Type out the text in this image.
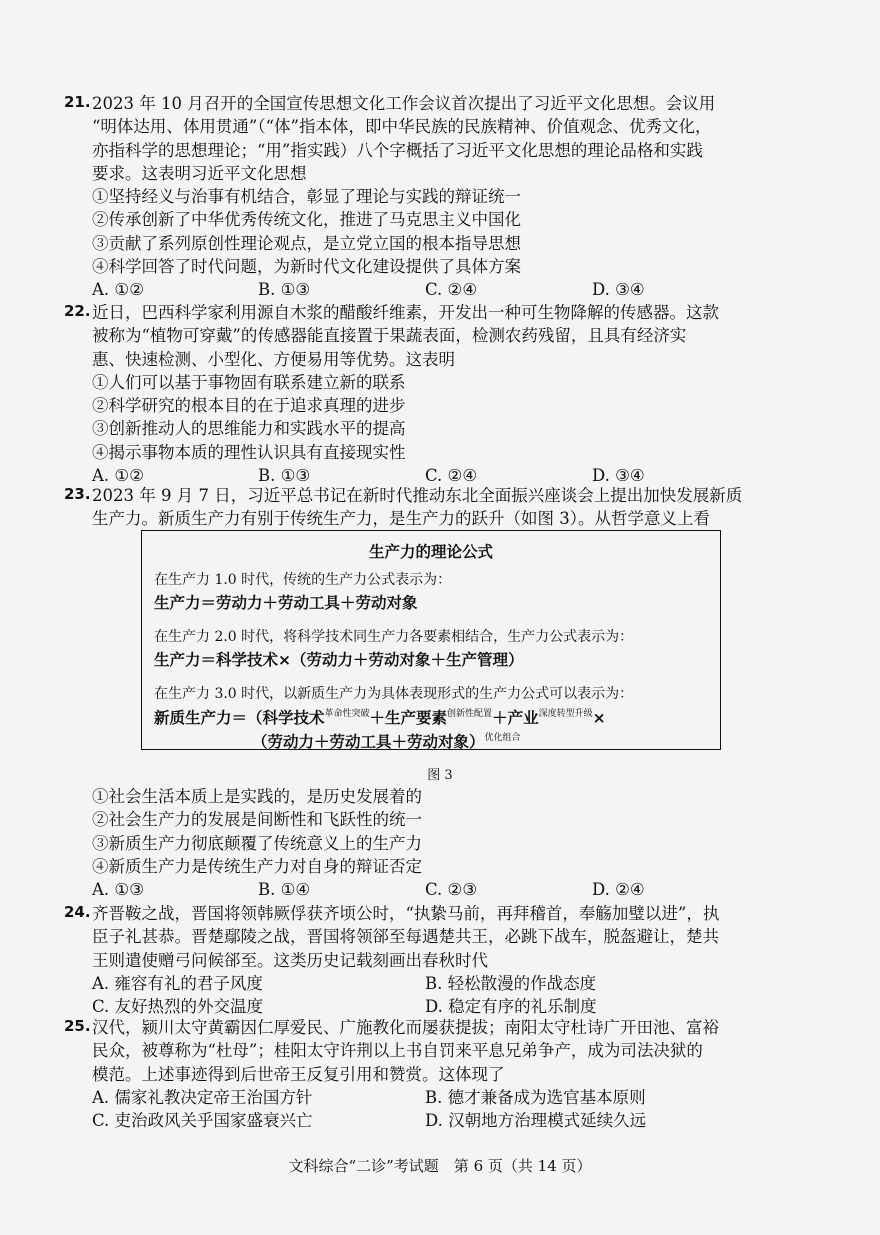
21. 2023 年 10 月召开的全国宣传思想文化工作会议首次提出了习近平文化思想。会议用
“明体达用、体用贯通”（“体”指本体，即中华民族的民族精神、价值观念、优秀文化，
亦指科学的思想理论；“用”指实践）八个字概括了习近平文化思想的理论品格和实践
要求。这表明习近平文化思想
①坚持经义与治事有机结合，彰显了理论与实践的辩证统一
②传承创新了中华优秀传统文化，推进了马克思主义中国化
③贡献了系列原创性理论观点，是立党立国的根本指导思想
④科学回答了时代问题，为新时代文化建设提供了具体方案
A. ①②	B. ①③	C. ②④	D. ③④
22. 近日，巴西科学家利用源自木浆的醋酸纤维素，开发出一种可生物降解的传感器。这款
被称为“植物可穿戴”的传感器能直接置于果蔬表面，检测农药残留，且具有经济实
惠、快速检测、小型化、方便易用等优势。这表明
①人们可以基于事物固有联系建立新的联系
②科学研究的根本目的在于追求真理的进步
③创新推动人的思维能力和实践水平的提高
④揭示事物本质的理性认识具有直接现实性
A. ①②	B. ①③	C. ②④	D. ③④
23. 2023 年 9 月 7 日，习近平总书记在新时代推动东北全面振兴座谈会上提出加快发展新质
生产力。新质生产力有别于传统生产力，是生产力的跃升（如图 3）。从哲学意义上看
生产力的理论公式
在生产力 1.0 时代，传统的生产力公式表示为：
生产力＝劳动力＋劳动工具＋劳动对象
在生产力 2.0 时代，将科学技术同生产力各要素相结合，生产力公式表示为：
生产力＝科学技术×（劳动力＋劳动对象＋生产管理）
在生产力 3.0 时代，以新质生产力为具体表现形式的生产力公式可以表示为：
新质生产力＝（科学技术$^{革命性突破}$＋生产要素$^{创新性配置}$＋产业$^{深度转型升级}$×
（劳动力＋劳动工具＋劳动对象）$^{优化组合}$
图 3
①社会生活本质上是实践的，是历史发展着的
②社会生产力的发展是间断性和飞跃性的统一
③新质生产力彻底颠覆了传统意义上的生产力
④新质生产力是传统生产力对自身的辩证否定
A. ①③	B. ①④	C. ②③	D. ②④
24. 齐晋鞍之战，晋国将领韩厥俘获齐顷公时，“执絷马前，再拜稽首，奉觞加璧以进”，执
臣子礼甚恭。晋楚鄢陵之战，晋国将领郤至每遇楚共王，必跳下战车，脱盔避让，楚共
王则遣使赠弓问候郤至。这类历史记载刻画出春秋时代
A. 雍容有礼的君子风度	B. 轻松散漫的作战态度
C. 友好热烈的外交温度	D. 稳定有序的礼乐制度
25. 汉代，颍川太守黄霸因仁厚爱民、广施教化而屡获提拔；南阳太守杜诗广开田池、富裕
民众，被尊称为“杜母”；桂阳太守许荆以上书自罚来平息兄弟争产，成为司法决狱的
模范。上述事迹得到后世帝王反复引用和赞赏。这体现了
A. 儒家礼教决定帝王治国方针	B. 德才兼备成为选官基本原则
C. 吏治政风关乎国家盛衰兴亡	D. 汉朝地方治理模式延续久远
文科综合“二诊”考试题　第 6 页（共 14 页）
